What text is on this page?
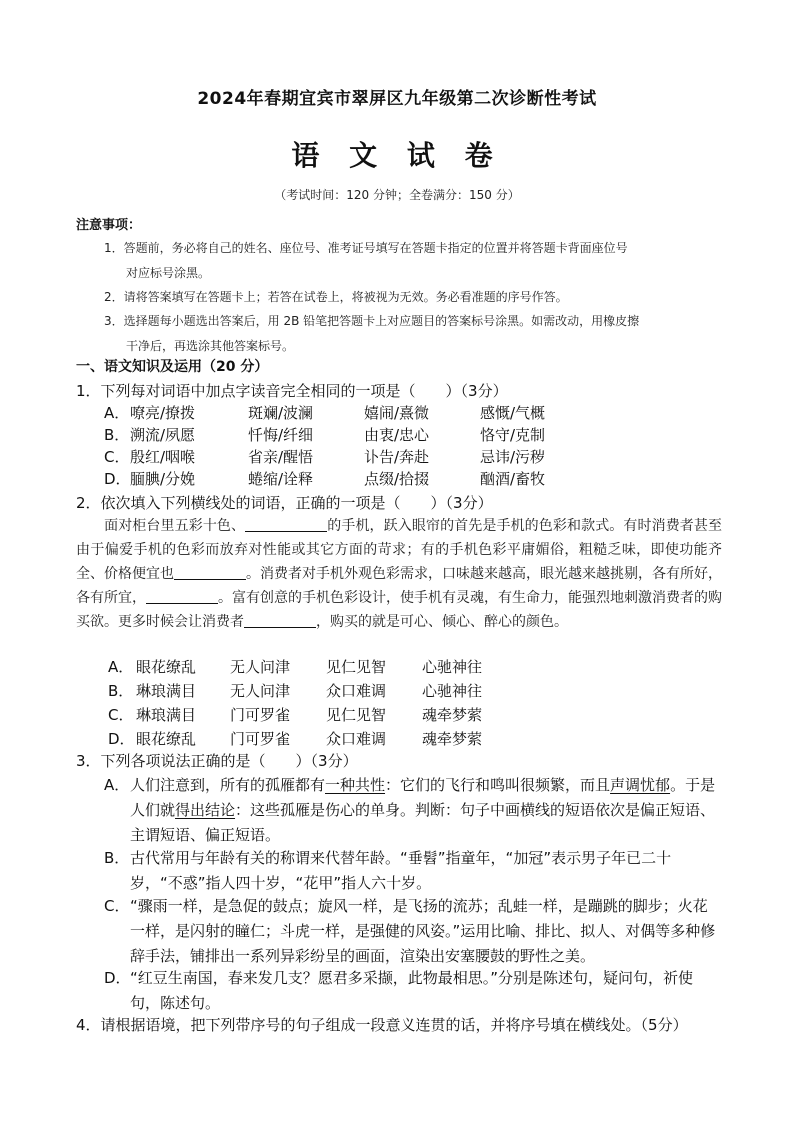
2024年春期宜宾市翠屏区九年级第二次诊断性考试
语 文 试 卷
（考试时间：120 分钟；全卷满分：150 分）
注意事项：
1．答题前，务必将自己的姓名、座位号、准考证号填写在答题卡指定的位置并将答题卡背面座位号
对应标号涂黑。
2．请将答案填写在答题卡上；若答在试卷上，将被视为无效。务必看准题的序号作答。
3．选择题每小题选出答案后，用 2B 铅笔把答题卡上对应题目的答案标号涂黑。如需改动，用橡皮擦
干净后，再选涂其他答案标号。
一、语文知识及运用（20 分）
1．下列每对词语中加点字读音完全相同的一项是（　　）（3分）
A． 嘹亮/撩拨	斑斓/波澜	嬉闹/熹微	感慨/气概
B． 溯流/夙愿	忏悔/纤细	由衷/忠心	恪守/克制
C． 殷红/咽喉	省亲/醒悟	讣告/奔赴	忌讳/污秽
D． 腼腆/分娩	蜷缩/诠释	点缀/拾掇	酗酒/畜牧
2．依次填入下列横线处的词语，正确的一项是（　　）（3分）
面对柜台里五彩十色、	的手机，跃入眼帘的首先是手机的色彩和款式。有时消费者甚至由于偏爱手机的色彩而放弃对性能或其它方面的苛求；有的手机色彩平庸媚俗，粗糙乏味，即使功能齐全、价格便宜也	。消费者对手机外观色彩需求，口味越来越高，眼光越来越挑剔，各有所好，各有所宜，	。富有创意的手机色彩设计，使手机有灵魂，有生命力，能强烈地刺激消费者的购买欲。更多时候会让消费者	，购买的就是可心、倾心、醉心的颜色。
A． 眼花缭乱 无人问津 见仁见智 心驰神往
B． 琳琅满目 无人问津 众口难调 心驰神往
C． 琳琅满目 门可罗雀 见仁见智 魂牵梦萦
D． 眼花缭乱 门可罗雀 众口难调 魂牵梦萦
3．下列各项说法正确的是（　　）（3分）
A． 人们注意到，所有的孤雁都有一种共性：它们的飞行和鸣叫很频繁，而且声调忧郁。于是人们就得出结论：这些孤雁是伤心的单身。判断：句子中画横线的短语依次是偏正短语、主谓短语、偏正短语。
B． 古代常用与年龄有关的称谓来代替年龄。“垂髫”指童年，“加冠”表示男子年已二十岁，“不惑”指人四十岁，“花甲”指人六十岁。
C． “骤雨一样，是急促的鼓点；旋风一样，是飞扬的流苏；乱蛙一样，是蹦跳的脚步；火花一样，是闪射的瞳仁；斗虎一样，是强健的风姿。”运用比喻、排比、拟人、对偶等多种修辞手法，铺排出一系列异彩纷呈的画面，渲染出安塞腰鼓的野性之美。
D． “红豆生南国，春来发几支？愿君多采撷，此物最相思。”分别是陈述句，疑问句，祈使句，陈述句。
4．请根据语境，把下列带序号的句子组成一段意义连贯的话，并将序号填在横线处。（5分）
